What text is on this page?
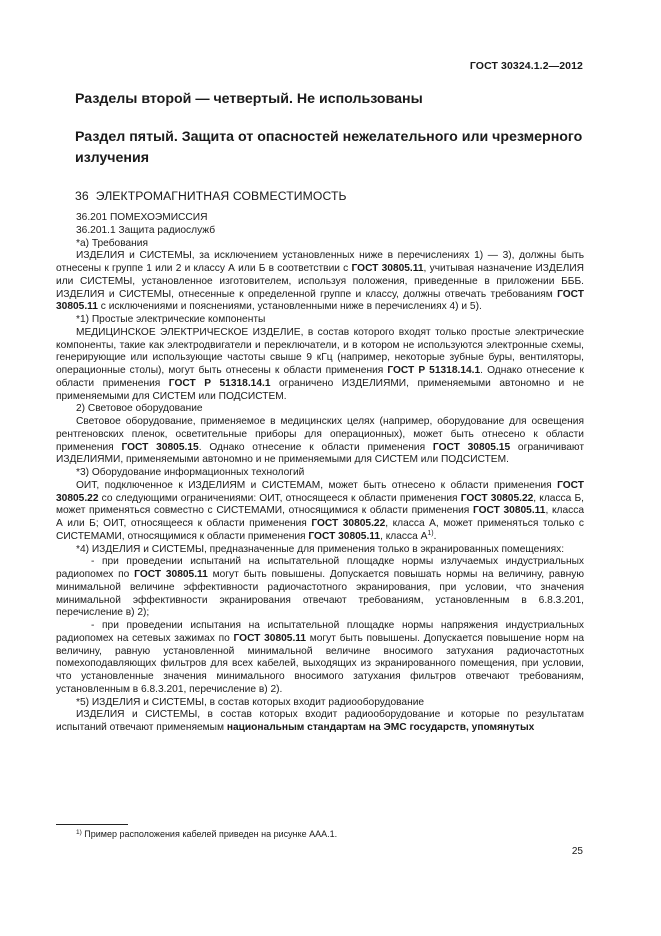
ГОСТ 30324.1.2—2012
Разделы второй — четвертый. Не использованы
Раздел пятый. Защита от опасностей нежелательного или чрезмерного излучения
36 ЭЛЕКТРОМАГНИТНАЯ СОВМЕСТИМОСТЬ

36.201 ПОМЕХОЭМИССИЯ

36.201.1 Защита радиослужб

*a) Требования

ИЗДЕЛИЯ и СИСТЕМЫ, за исключением установленных ниже в перечислениях 1) — 3), должны быть отнесены к группе 1 или 2 и классу А или Б в соответствии с ГОСТ 30805.11, учитывая назначение ИЗДЕЛИЯ или СИСТЕМЫ, установленное изготовителем, используя положения, приведенные в приложении БББ. ИЗДЕЛИЯ и СИСТЕМЫ, отнесенные к определенной группе и классу, должны отвечать требованиям ГОСТ 30805.11 с исключениями и пояснениями, установленными ниже в перечислениях 4) и 5).

*1) Простые электрические компоненты

МЕДИЦИНСКОЕ ЭЛЕКТРИЧЕСКОЕ ИЗДЕЛИЕ, в состав которого входят только простые электрические компоненты, такие как электродвигатели и переключатели, и в котором не используются электронные схемы, генерирующие или использующие частоты свыше 9 кГц (например, некоторые зубные буры, вентиляторы, операционные столы), могут быть отнесены к области применения ГОСТ Р 51318.14.1. Однако отнесение к области применения ГОСТ Р 51318.14.1 ограничено ИЗДЕЛИЯМИ, применяемыми автономно и не применяемыми для СИСТЕМ или ПОДСИСТЕМ.

2) Световое оборудование

Световое оборудование, применяемое в медицинских целях (например, оборудование для освещения рентгеновских пленок, осветительные приборы для операционных), может быть отнесено к области применения ГОСТ 30805.15. Однако отнесение к области применения ГОСТ 30805.15 ограничивают ИЗДЕЛИЯМИ, применяемыми автономно и не применяемыми для СИСТЕМ или ПОДСИСТЕМ.

*3) Оборудование информационных технологий

ОИТ, подключенное к ИЗДЕЛИЯМ и СИСТЕМАМ, может быть отнесено к области применения ГОСТ 30805.22 со следующими ограничениями: ОИТ, относящееся к области применения ГОСТ 30805.22, класса Б, может применяться совместно с СИСТЕМАМИ, относящимися к области применения ГОСТ 30805.11, класса А или Б; ОИТ, относящееся к области применения ГОСТ 30805.22, класса А, может применяться только с СИСТЕМАМИ, относящимися к области применения ГОСТ 30805.11, класса $А^{1)}$.

*4) ИЗДЕЛИЯ и СИСТЕМЫ, предназначенные для применения только в экранированных помещениях:

- при проведении испытаний на испытательной площадке нормы излучаемых индустриальных радиопомех по ГОСТ 30805.11 могут быть повышены. Допускается повышать нормы на величину, равную минимальной величине эффективности радиочастотного экранирования, при условии, что значения минимальной эффективности экранирования отвечают требованиям, установленным в 6.8.3.201, перечисление в) 2);

- при проведении испытания на испытательной площадке нормы напряжения индустриальных радиопомех на сетевых зажимах по ГОСТ 30805.11 могут быть повышены. Допускается повышение норм на величину, равную установленной минимальной величине вносимого затухания радиочастотных помехоподавляющих фильтров для всех кабелей, выходящих из экранированного помещения, при условии, что установленные значения минимального вносимого затухания фильтров отвечают требованиям, установленным в 6.8.3.201, перечисление в) 2).

*5) ИЗДЕЛИЯ и СИСТЕМЫ, в состав которых входит радиооборудование

ИЗДЕЛИЯ и СИСТЕМЫ, в состав которых входит радиооборудование и которые по результатам испытаний отвечают применяемым национальным стандартам на ЭМС государств, упомянутых

$^{1)}$ Пример расположения кабелей приведен на рисунке ААА.1.
25
